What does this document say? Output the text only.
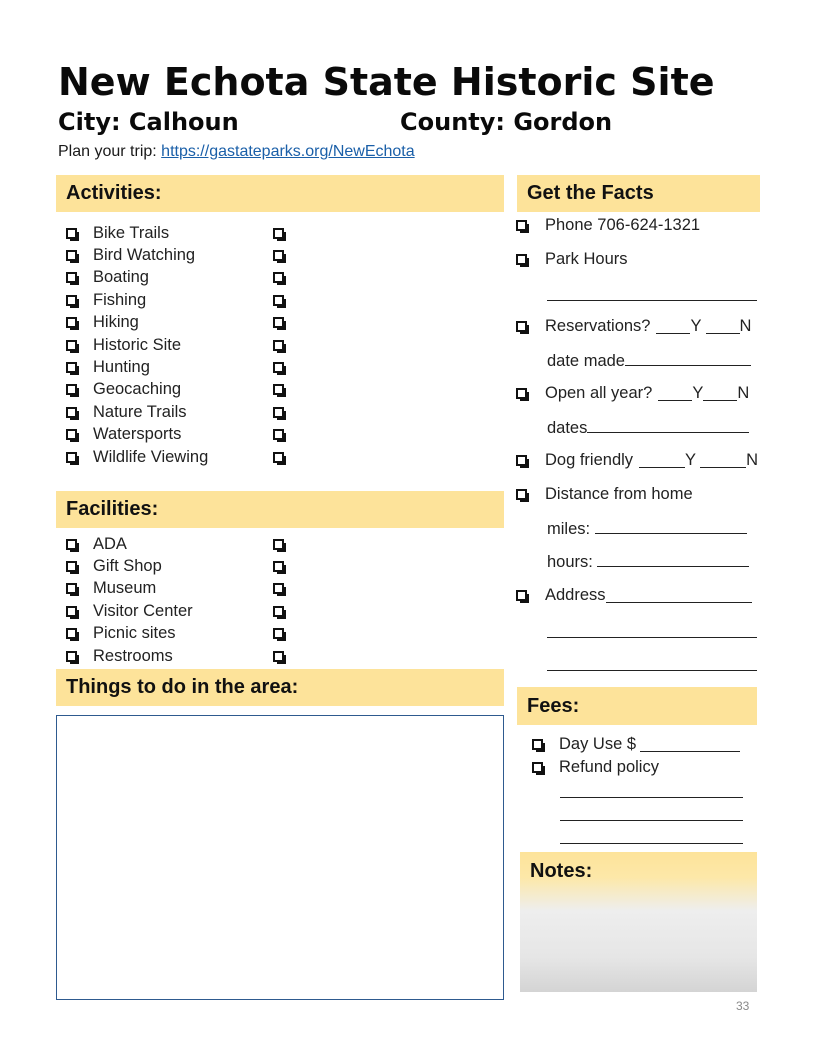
New Echota State Historic Site
City: Calhoun	County: Gordon
Plan your trip: https://gastateparks.org/NewEchota
Activities:
Bike Trails
Bird Watching
Boating
Fishing
Hiking
Historic Site
Hunting
Geocaching
Nature Trails
Watersports
Wildlife Viewing
Facilities:
ADA
Gift Shop
Museum
Visitor Center
Picnic sites
Restrooms
Things to do in the area:
Get the Facts
Phone 706-624-1321
Park Hours
Reservations? Y N
date made
Open all year? Y N
dates
Dog friendly	Y	N
Distance from home
miles:
hours:
Address
Fees:
Day Use $
Refund policy
Notes:
33
